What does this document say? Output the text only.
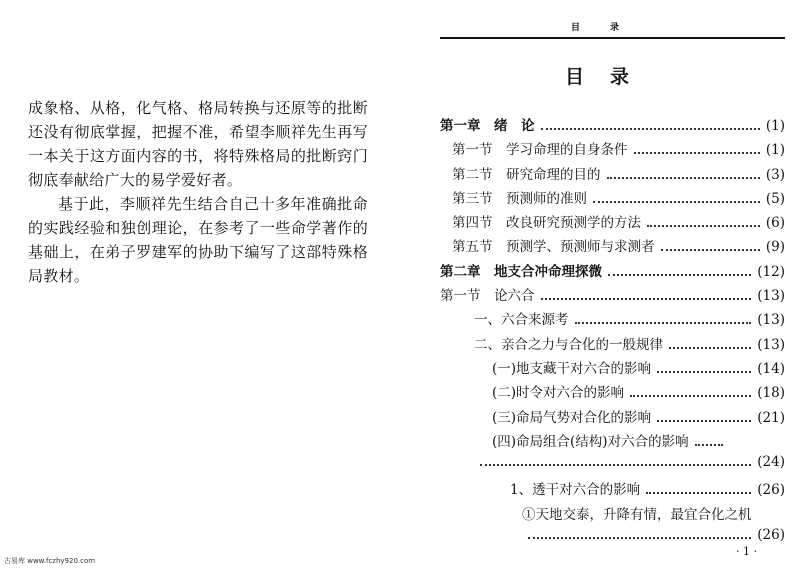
成象格、从格，化气格、格局转换与还原等的批断还没有彻底掌握，把握不准，希望李顺祥先生再写一本关于这方面内容的书，将特殊格局的批断窍门彻底奉献给广大的易学爱好者。

基于此，李顺祥先生结合自己十多年准确批命的实践经验和独创理论，在参考了一些命学著作的基础上，在弟子罗建军的协助下编写了这部特殊格局教材。

目录
目录
第一章　绪　论	(1)
第一节　学习命理的自身条件	(1)
第二节　研究命理的目的	(3)
第三节　预测师的准则	(5)
第四节　改良研究预测学的方法	(6)
第五节　预测学、预测师与求测者	(9)
第二章　地支合冲命理探微	(12)
第一节　论六合	(13)
一、六合来源考	(13)
二、亲合之力与合化的一般规律	(13)
(一)地支藏干对六合的影响	(14)
(二)时令对六合的影响	(18)
(三)命局气势对合化的影响	(21)
(四)命局组合(结构)对六合的影响
(24)
1、透干对六合的影响	(26)
①天地交泰，升降有情，最宜合化之机
(26)
· 1 ·
古易库 www.fczhy920.com
